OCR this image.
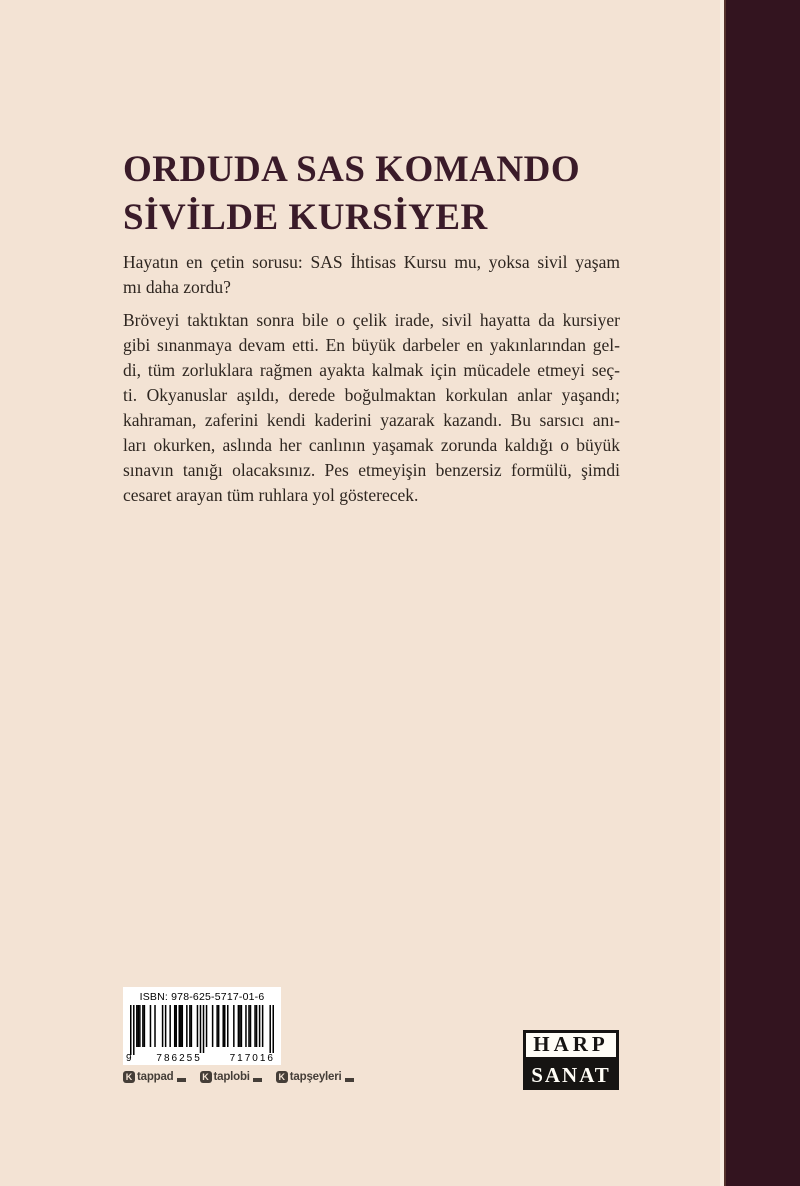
ORDUDA SAS KOMANDO
SİVİLDE KURSİYER
Hayatın en çetin sorusu: SAS İhtisas Kursu mu, yoksa sivil yaşam
mı daha zordu?
Bröveyi taktıktan sonra bile o çelik irade, sivil hayatta da kursiyer
gibi sınanmaya devam etti. En büyük darbeler en yakınlarından gel-
di, tüm zorluklara rağmen ayakta kalmak için mücadele etmeyi seç-
ti. Okyanuslar aşıldı, derede boğulmaktan korkulan anlar yaşandı;
kahraman, zaferini kendi kaderini yazarak kazandı. Bu sarsıcı anı-
ları okurken, aslında her canlının yaşamak zorunda kaldığı o büyük
sınavın tanığı olacaksınız. Pes etmeyişin benzersiz formülü, şimdi
cesaret arayan tüm ruhlara yol gösterecek.
ISBN: 978-625-5717-01-6
9	786255	717016
K tappad	K taplobi	K tapşeyleri
HARP
SANAT
